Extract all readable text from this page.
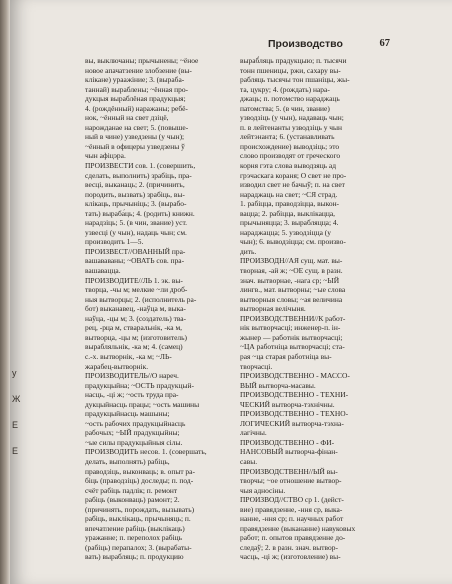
Производство	67
вы, выключаны; прычынены; ~ёное
новое апачатзение злобзение (вы-
клікане) ураажіние; 3. (выраба-
таннай) выраблены; ~ённая про-
дукцыя выраблёная прадукцыя;
4. (рождённый) наражаны; ребё-
нок, ~ённый на свет дзіцё,
нарожданае на свет; 5. (повыше-
ный в чине) узведзены (у чын);
~ённый в офицеры узведзены ў
чын афіцэра.
ПРОИЗВЕСТИ сов. 1. (совершить,
сделать, выполнить) зрабіць, пра-
весці, выканаць; 2. (причинить,
породить, вызвать) зрабіць, вы-
клікаць, прычыніць; 3. (вырабо-
тать) выраба́ць; 4. (родить) книжн.
нарадзіць; 5. (в чин, звание) уст.
узвесці (у чын), надаць чын; см.
производить 1—5.
ПРОИЗВЕСТ//ОВАННЫЙ пра-
вашававаны; ~ОВАТЬ сов. пра-
вашавацца.
ПРОИЗВОДИТЕ//ЛЬ 1. эк. вы-
творца, -чы м; мелкие ~ли дроб-
ныя вытворцы; 2. (исполнитель ра-
бот) выканавец, -наўца м, выка-
наўца, -цы м; 3. (создатель) тва-
рец, -рца м, стваральнік, -ка м,
вытворца, -цы м; (изготовитель)
вырабляльнік, -ка м; 4. (самец)
с.-х. вытворнік, -ка м; ~ЛЬ-
жарабец-вытворнік.
ПРОИЗВОДИТЕЛЬ//О нареч.
прадукцыйна; ~ОСТЬ прадукцый-
насць, -ці ж; ~ость труда пра-
дукцыйнасць працы; ~ость машины
прадукцыйнасць машыны;
~ость рабочих прадукцыйнасць
рабочых; ~ЫЙ прадукцыйны;
~ые силы прадукцыйныя сілы.
ПРОИЗВОДИТЬ несов. 1. (совершать,
делать, выполнять) рабіць,
праводзіць, выконваць; в. опыт ра-
біць (праводзіць) доследы; п. под-
счёт рабіць падлік; п. ремонт
рабіць (выконваць) рамонт; 2.
(причинять, порождать, вызывать)
рабіць, выклікаць, прычыняць; п.
впечатление рабіць (выклікаць)
уражанне; п. переполох рабіць
(рабіць) перапалох; 3. (вырабаты-
вать) вырабляць; п. продукцию
выраб́ляць прадукцыю; п. тысячи
тонн пшеницы, ржи, сахару вы-
рабляць тысячы тон пшаніцы, жы-
та, цукру; 4. (рождать) нара-
джаць; п. потомство нараджаць
патомства; 5. (в чин, звание)
узводзіць (у чын), надаваць чын;
п. в лейтенанты узводзіць у чын
лейтэнанта; 6. (устанавливать
происхождение) выводзіць; это
слово производят от греческого
корня гэта слова выводзяць ад
грэчаскага кораня; О свет не про-
изводил свет не бачыў; п. на свет
нараджаць на свет; ~СЯ страд.
1. рабіцца, праводзіцца, выкон-
вацца; 2. рабіцца, выклікацца,
прычыняцца; 3. вырабляцца; 4.
нараджацца; 5. узводзіцца (у
чын); 6. выводзіцца; см. произво-
дить.
ПРОИЗВОДН//АЯ сущ. мат. вы-
творная, -ай ж; ~ОЕ сущ. в разн.
знач. вытворнае, -нага ср; ~ЫЙ
лингв., мат. вытворны; ~ые слова
вытворныя словы; ~ая величина
вытворная велічыня.
ПРОИЗВОДСТВЕННИ//К работ-
нік вытворчасці; инженер-п. ін-
жынер — работнік вытворчасці;
~ЦА работніца вытворчасці; ста-
рая ~ца старая работніца вы-
творчасці.
ПРОИЗВОДСТВЕННО - МАССО-
ВЫЙ вытворча-масавы.
ПРОИЗВОДСТВЕННО - ТЕХНИ-
ЧЕСКИЙ вытворча-тэхнічны.
ПРОИЗВОДСТВЕННО - ТЕХНО-
ЛОГИЧЕСКИЙ вытворча-тэхна-
лагічны.
ПРОИЗВОДСТВЕННО - ФИ-
НАНСОВЫЙ вытворча-фінан-
савы.
ПРОИЗВОДСТВЕНН//ЫЙ вы-
творчы; ~ое отношение вытвор-
чыя адносіны.
ПРОИЗВОД//СТВО ср 1. (дейст-
вие) правядзенне, -ння ср, выка-
нанне, -ння ср; п. научных работ
правядзенне (выкананне) навуковых
работ; п. опытов правядзенне до-
следаў; 2. в разн. знач. вытвор-
часць, -ці ж; (изготовление) вы-
у
Ж
Е
Е
